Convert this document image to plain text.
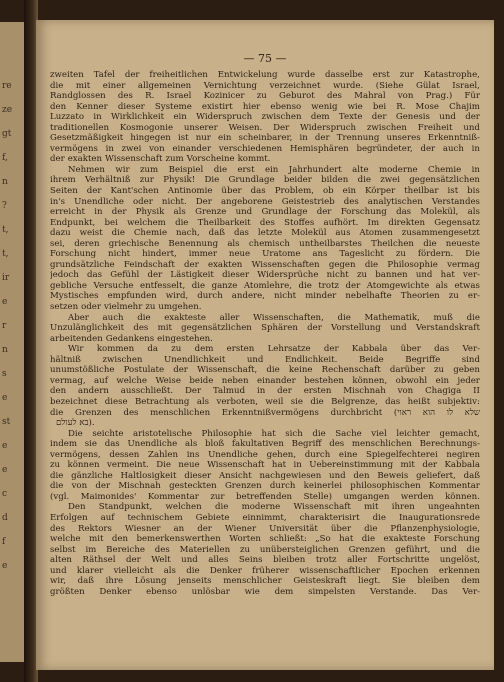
re
ze
gt
f,
n
?
t,
t,
ir
e
r
n
s
e
st
e
e
c
d
f
e
— 75 —
zweiten Tafel der freiheitlichen Entwickelung wurde dasselbe erst zur Katastrophe,
die mit einer allgemeinen Vernichtung verzeichnet wurde. (Siehe Gülat Israel,
Randglossen des R. Israel Kozinicer zu Geburot des Mahral von Prag.) Für
den Kenner dieser Systeme existirt hier ebenso wenig wie bei R. Mose Chajim
Luzzato in Wirklichkeit ein Widerspruch zwischen dem Texte der Genesis und der
traditionellen Kosmogonie unserer Weisen. Der Widerspruch zwischen Freiheit und
Gesetzmäßigkeit hingegen ist nur ein scheinbarer, in der Trennung unseres Erkenntniß-
vermögens in zwei von einander verschiedenen Hemisphären begründeter, der auch in
der exakten Wissenschaft zum Vorscheine kommt.
Nehmen wir zum Beispiel die erst ein Jahrhundert alte moderne Chemie in
ihrem Verhältniß zur Physik! Die Grundlage beider bilden die zwei gegensätzlichen
Seiten der Kant'schen Antinomie über das Problem, ob ein Körper theilbar ist bis
in's Unendliche oder nicht. Der angeborene Geistestrieb des analytischen Verstandes
erreicht in der Physik als Grenze und Grundlage der Forschung das Molekül, als
Endpunkt, bei welchem die Theilbarkeit des Stoffes aufhört. Im direkten Gegensatz
dazu weist die Chemie nach, daß das letzte Molekül aus Atomen zusammengesetzt
sei, deren griechische Benennung als chemisch untheilbarstes Theilchen die neueste
Forschung nicht hindert, immer neue Uratome ans Tageslicht zu fördern. Die
grundsätzliche Feindschaft der exakten Wissenschaften gegen die Philosophie vermag
jedoch das Gefühl der Lästigkeit dieser Widersprüche nicht zu bannen und hat ver-
gebliche Versuche entfesselt, die ganze Atomlehre, die trotz der Atomgewichte als etwas
Mystisches empfunden wird, durch andere, nicht minder nebelhafte Theorien zu er-
setzen oder vielmehr zu umgehen.
Aber auch die exakteste aller Wissenschaften, die Mathematik, muß die
Unzulänglichkeit des mit gegensätzlichen Sphären der Vorstellung und Verstandskraft
arbeitenden Gedankens eingestehen.
Wir kommen da zu dem ersten Lehrsatze der Kabbala über das Ver-
hältniß	zwischen	Unendlichkeit	und	Endlichkeit.	Beide	Begriffe	sind
unumstößliche Postulate der Wissenschaft, die keine Rechenschaft darüber zu geben
vermag, auf welche Weise beide neben einander bestehen können, obwohl ein jeder
den andern ausschließt. Der Talmud in der ersten Mischnah von Chagiga II
bezeichnet diese Betrachtung als verboten, weil sie die Belgrenze, das heißt subjektiv:
die Grenzen des menschlichen Erkenntnißvermögens durchbricht (ראוי הוא לו שלא
בא לעולם).
Die seichte aristotelische Philosophie hat sich die Sache viel leichter gemacht,
indem sie das Unendliche als bloß fakultativen Begriff des menschlichen Berechnungs-
vermögens, dessen Zahlen ins Unendliche gehen, durch eine Spiegelfechterei negiren
zu können vermeint. Die neue Wissenschaft hat in Uebereinstimmung mit der Kabbala
die gänzliche Haltlosigkeit dieser Ansicht nachgewiesen und den Beweis geliefert, daß
die von der Mischnah gesteckten Grenzen durch keinerlei philosophischen Kommentar
(vgl. Maimonides' Kommentar zur betreffenden Stelle) umgangen werden können.
Den Standpunkt, welchen die moderne Wissenschaft mit ihren ungeahnten
Erfolgen auf technischem Gebiete einnimmt, charakterisirt die Inaugurationsrede
des Rektors Wiesner an der Wiener Universität über die Pflanzenphysiologie,
welche mit den bemerkenswerthen Worten schließt: „So hat die exakteste Forschung
selbst im Bereiche des Materiellen zu unübersteiglichen Grenzen geführt, und die
alten Räthsel der Welt und alles Seins bleiben trotz aller Fortschritte ungelöst,
und klarer vielleicht als die Denker früherer wissenschaftlicher Epochen erkennen
wir, daß ihre Lösung jenseits menschlicher Geisteskraft liegt. Sie bleiben dem
größten Denker ebenso unlösbar wie dem simpelsten Verstande. Das Ver-
